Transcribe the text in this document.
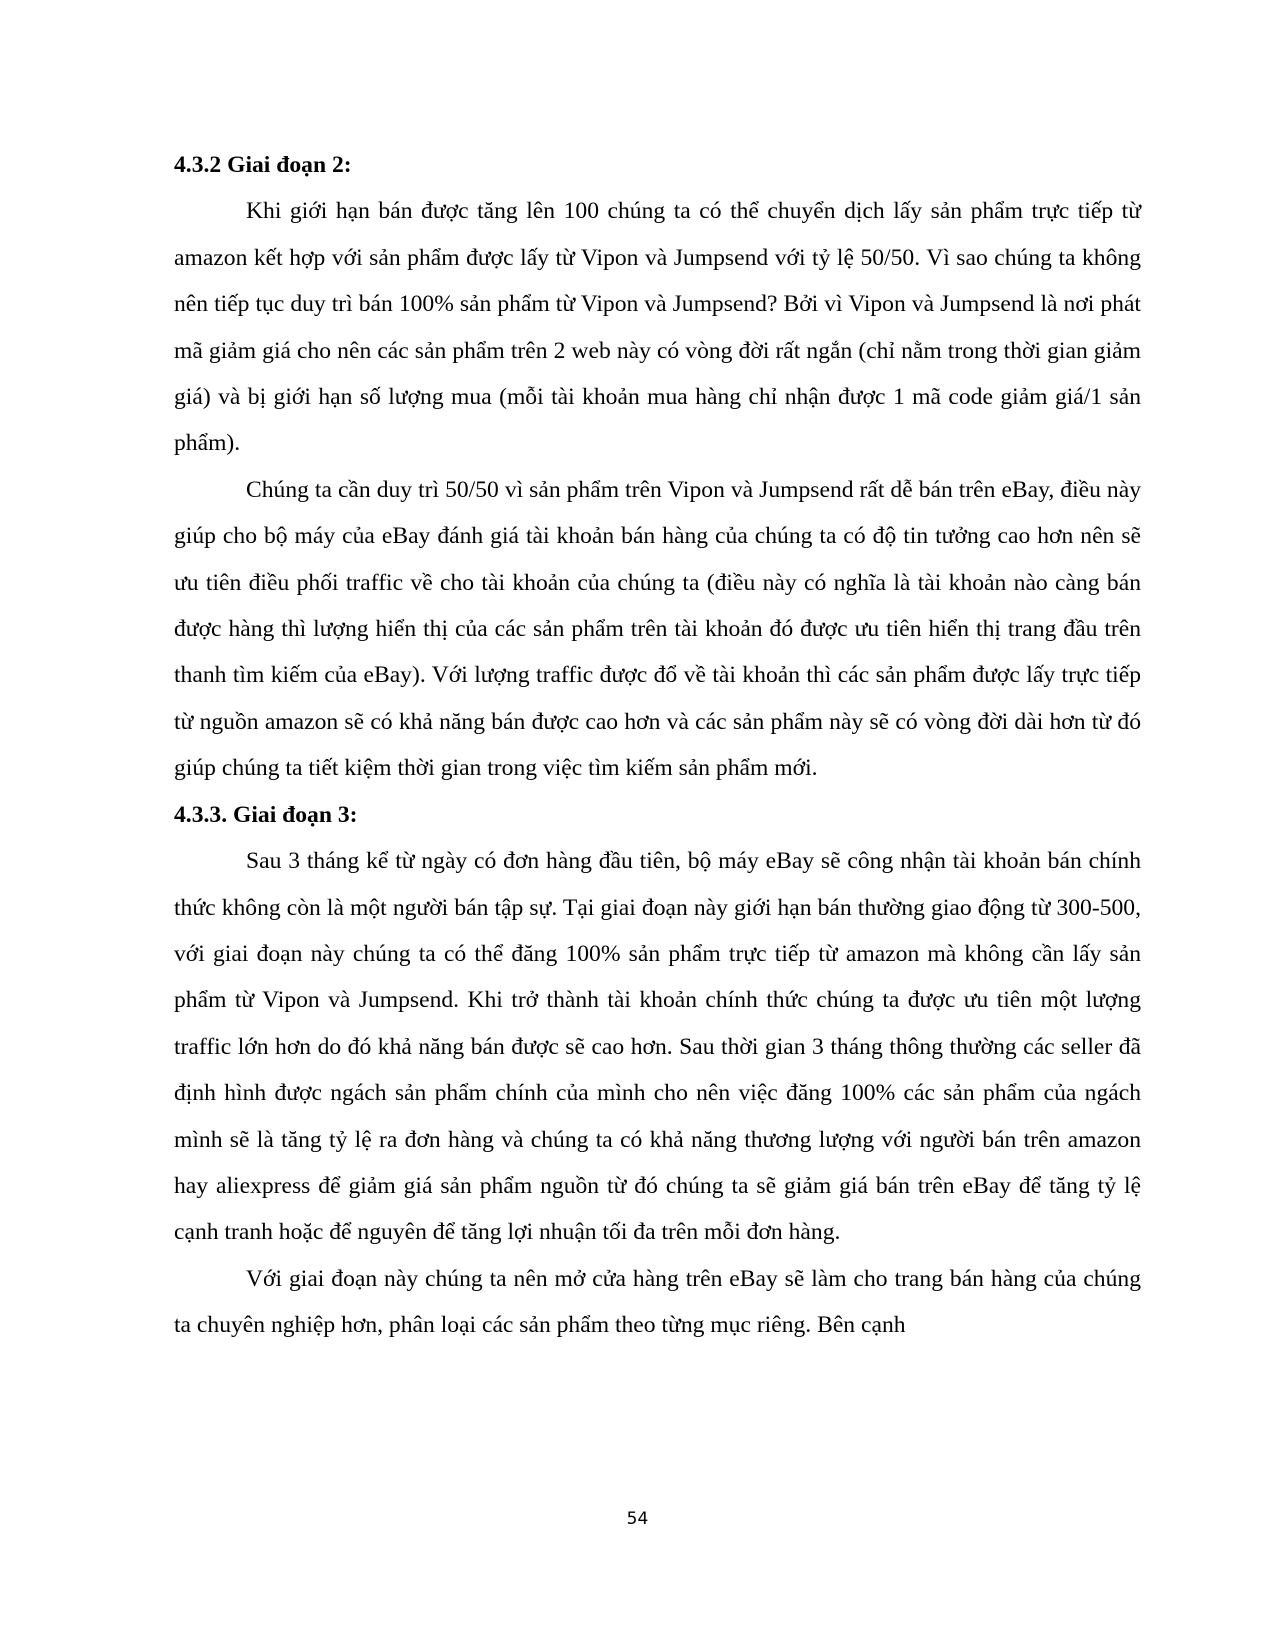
4.3.2 Giai đoạn 2:

Khi giới hạn bán được tăng lên 100 chúng ta có thể chuyển dịch lấy sản phẩm trực tiếp từ amazon kết hợp với sản phẩm được lấy từ Vipon và Jumpsend với tỷ lệ 50/50. Vì sao chúng ta không nên tiếp tục duy trì bán 100% sản phẩm từ Vipon và Jumpsend? Bởi vì Vipon và Jumpsend là nơi phát mã giảm giá cho nên các sản phẩm trên 2 web này có vòng đời rất ngắn (chỉ nằm trong thời gian giảm giá) và bị giới hạn số lượng mua (mỗi tài khoản mua hàng chỉ nhận được 1 mã code giảm giá/1 sản phẩm).

Chúng ta cần duy trì 50/50 vì sản phẩm trên Vipon và Jumpsend rất dễ bán trên eBay, điều này giúp cho bộ máy của eBay đánh giá tài khoản bán hàng của chúng ta có độ tin tưởng cao hơn nên sẽ ưu tiên điều phối traffic về cho tài khoản của chúng ta (điều này có nghĩa là tài khoản nào càng bán được hàng thì lượng hiển thị của các sản phẩm trên tài khoản đó được ưu tiên hiển thị trang đầu trên thanh tìm kiếm của eBay). Với lượng traffic được đổ về tài khoản thì các sản phẩm được lấy trực tiếp từ nguồn amazon sẽ có khả năng bán được cao hơn và các sản phẩm này sẽ có vòng đời dài hơn từ đó giúp chúng ta tiết kiệm thời gian trong việc tìm kiếm sản phẩm mới.

4.3.3. Giai đoạn 3:

Sau 3 tháng kể từ ngày có đơn hàng đầu tiên, bộ máy eBay sẽ công nhận tài khoản bán chính thức không còn là một người bán tập sự. Tại giai đoạn này giới hạn bán thường giao động từ 300-500, với giai đoạn này chúng ta có thể đăng 100% sản phẩm trực tiếp từ amazon mà không cần lấy sản phẩm từ Vipon và Jumpsend. Khi trở thành tài khoản chính thức chúng ta được ưu tiên một lượng traffic lớn hơn do đó khả năng bán được sẽ cao hơn. Sau thời gian 3 tháng thông thường các seller đã định hình được ngách sản phẩm chính của mình cho nên việc đăng 100% các sản phẩm của ngách mình sẽ là tăng tỷ lệ ra đơn hàng và chúng ta có khả năng thương lượng với người bán trên amazon hay aliexpress để giảm giá sản phẩm nguồn từ đó chúng ta sẽ giảm giá bán trên eBay để tăng tỷ lệ cạnh tranh hoặc để nguyên để tăng lợi nhuận tối đa trên mỗi đơn hàng.

Với giai đoạn này chúng ta nên mở cửa hàng trên eBay sẽ làm cho trang bán hàng của chúng ta chuyên nghiệp hơn, phân loại các sản phẩm theo từng mục riêng. Bên cạnh

54
